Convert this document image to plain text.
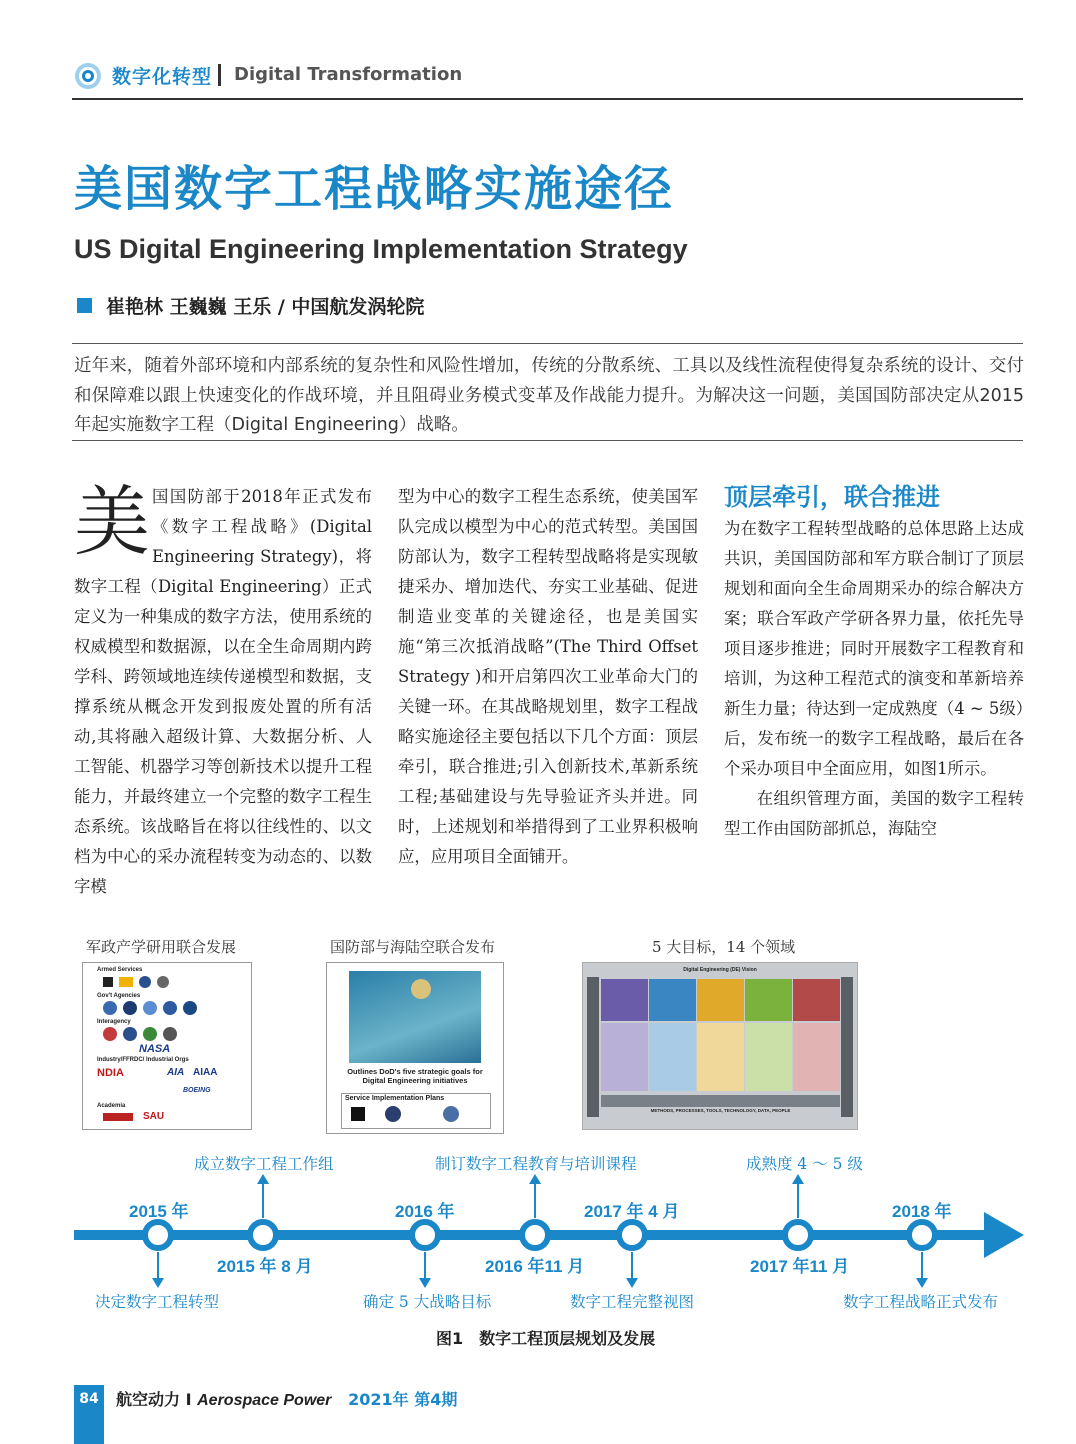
数字化转型 Digital Transformation
美国数字工程战略实施途径
US Digital Engineering Implementation Strategy
崔艳林 王巍巍 王乐 / 中国航发涡轮院
近年来，随着外部环境和内部系统的复杂性和风险性增加，传统的分散系统、工具以及线性流程使得复杂系统的设计、交付和保障难以跟上快速变化的作战环境，并且阻碍业务模式变革及作战能力提升。为解决这一问题，美国国防部决定从2015年起实施数字工程（Digital Engineering）战略。
美国国防部于2018年正式发布《数字工程战略》(Digital Engineering Strategy)，将数字工程（Digital Engineering）正式定义为一种集成的数字方法，使用系统的权威模型和数据源，以在全生命周期内跨学科、跨领域地连续传递模型和数据，支撑系统从概念开发到报废处置的所有活动,其将融入超级计算、大数据分析、人工智能、机器学习等创新技术以提升工程能力，并最终建立一个完整的数字工程生态系统。该战略旨在将以往线性的、以文档为中心的采办流程转变为动态的、以数字模
型为中心的数字工程生态系统，使美国军队完成以模型为中心的范式转型。美国国防部认为，数字工程转型战略将是实现敏捷采办、增加迭代、夯实工业基础、促进制造业变革的关键途径，也是美国实施“第三次抵消战略”(The Third Offset Strategy )和开启第四次工业革命大门的关键一环。在其战略规划里，数字工程战略实施途径主要包括以下几个方面：顶层牵引，联合推进;引入创新技术,革新系统工程;基础建设与先导验证齐头并进。同时，上述规划和举措得到了工业界积极响应，应用项目全面铺开。
顶层牵引，联合推进
为在数字工程转型战略的总体思路上达成共识，美国国防部和军方联合制订了顶层规划和面向全生命周期采办的综合解决方案；联合军政产学研各界力量，依托先导项目逐步推进；同时开展数字工程教育和培训，为这种工程范式的演变和革新培养新生力量；待达到一定成熟度（4 ~ 5级）后，发布统一的数字工程战略，最后在各个采办项目中全面应用，如图1所示。
在组织管理方面，美国的数字工程转型工作由国防部抓总，海陆空
军政产学研用联合发展	国防部与海陆空联合发布	5 大目标，14 个领域
Armed Services
Gov't Agencies
Interagency
NASA
Industry/FFRDC/ Industrial Orgs
NDIA	AIA AIAA
BOEING
Academia
SAU
Outlines DoD's five strategic goals for Digital Engineering initiatives
Service Implementation Plans
Digital Engineering (DE) Vision
METHODS, PROCESSES, TOOLS, TECHNOLOGY, DATA, PEOPLE
2015 年
决定数字工程转型
2015 年 8 月
成立数字工程工作组
2016 年
确定 5 大战略目标
2016 年11 月
制订数字工程教育与培训课程
2017 年 4 月
数字工程完整视图
2017 年11 月
成熟度 4 ～ 5 级
2018 年
数字工程战略正式发布
图1　数字工程顶层规划及发展
84	航空动力 I Aerospace Power 2021年 第4期
